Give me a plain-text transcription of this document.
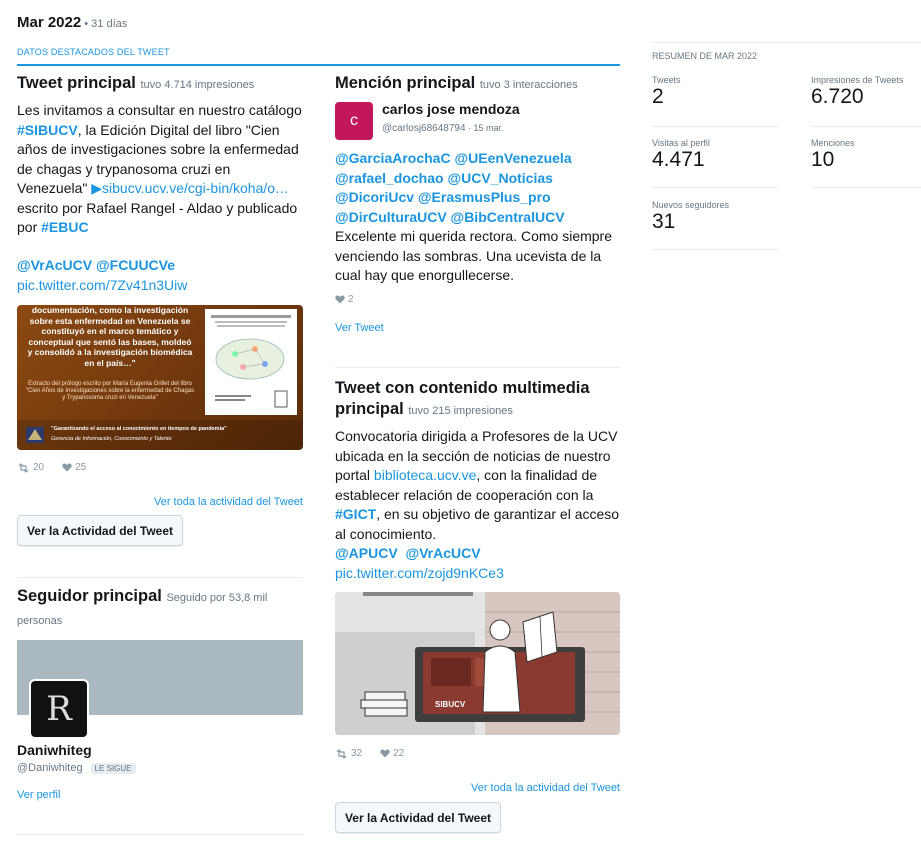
Mar 2022 • 31 días
DATOS DESTACADOS DEL TWEET
Tweet principal tuvo 4.714 impresiones
Les invitamos a consultar en nuestro catálogo #SIBUCV, la Edición Digital del libro "Cien años de investigaciones sobre la enfermedad de chagas y trypanosoma cruzi en Venezuela" ▶sibucv.ucv.ve/cgi-bin/koha/o… escrito por Rafael Rangel - Aldao y publicado por #EBUC
@VrAcUCV @FCUUCVe
pic.twitter.com/7Zv41n3Uiw
documentación, como la investigación sobre esta enfermedad en Venezuela se constituyó en el marco temático y conceptual que sentó las bases, moldeó y consolidó a la investigación biomédica en el país…"
Extracto del prólogo escrito por María Eugenia Grillet del libro "Cien Años de Investigaciones sobre la enfermedad de Chagas y Trypanosoma cruzi en Venezuela"
"Garantizando el acceso al conocimiento en tiempos de pandemia"
Gerencia de Información, Conocimiento y Talento
20	25
Ver toda la actividad del Tweet
Ver la Actividad del Tweet
Seguidor principal Seguido por 53,8 mil
personas
R
Daniwhiteg
@Daniwhiteg	LE SIGUE
Ver perfil
Mención principal tuvo 3 interacciones
c
carlos jose mendoza
@carlosj68648794 · 15 mar.
@GarciaArochaC @UEenVenezuela
@rafael_dochao @UCV_Noticias
@DicoriUcv @ErasmusPlus_pro
@DirCulturaUCV @BibCentralUCV
Excelente mi querida rectora. Como siempre venciendo las sombras. Una ucevista de la cual hay que enorgullecerse.
2
Ver Tweet
Tweet con contenido multimedia
principal tuvo 215 impresiones
Convocatoria dirigida a Profesores de la UCV ubicada en la sección de noticias de nuestro portal biblioteca.ucv.ve, con la finalidad de establecer relación de cooperación con la #GICT, en su objetivo de garantizar el acceso al conocimiento.
@APUCV  @VrAcUCV
pic.twitter.com/zojd9nKCe3
SIBUCV
32	22
Ver toda la actividad del Tweet
Ver la Actividad del Tweet
RESUMEN DE MAR 2022
Tweets
2
Impresiones de Tweets
6.720
Visitas al perfil
4.471
Menciones
10
Nuevos seguidores
31
